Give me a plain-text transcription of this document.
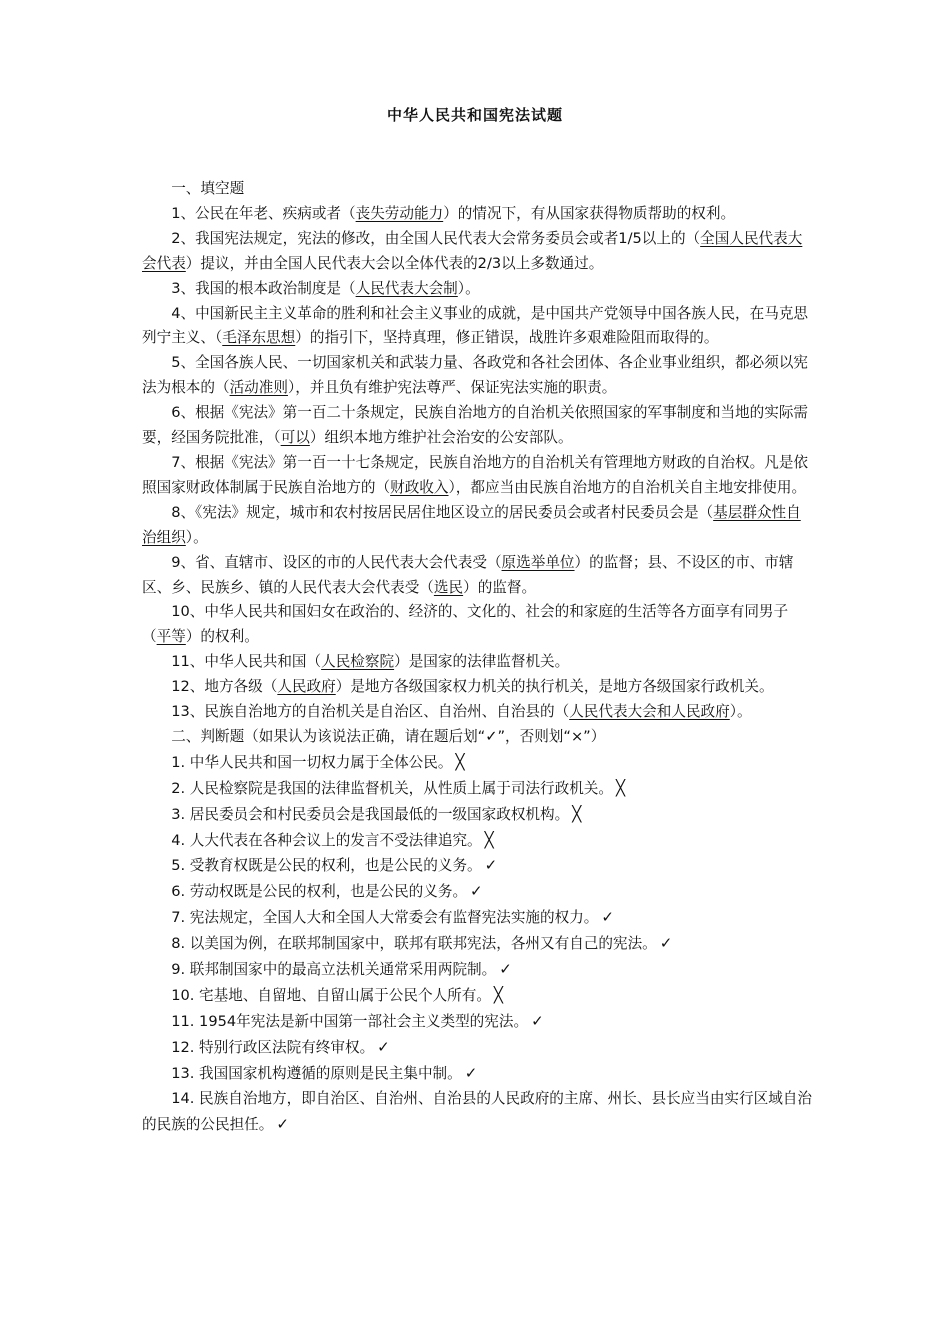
中华人民共和国宪法试题

一、填空题

1、公民在年老、疾病或者（丧失劳动能力）的情况下，有从国家获得物质帮助的权利。

2、我国宪法规定，宪法的修改，由全国人民代表大会常务委员会或者1/5以上的（全国人民代表大会代表）提议，并由全国人民代表大会以全体代表的2/3以上多数通过。

3、我国的根本政治制度是（人民代表大会制）。

4、中国新民主主义革命的胜利和社会主义事业的成就，是中国共产党领导中国各族人民，在马克思列宁主义、（毛泽东思想）的指引下，坚持真理，修正错误，战胜许多艰难险阻而取得的。

5、全国各族人民、一切国家机关和武装力量、各政党和各社会团体、各企业事业组织，都必须以宪法为根本的（活动准则），并且负有维护宪法尊严、保证宪法实施的职责。

6、根据《宪法》第一百二十条规定，民族自治地方的自治机关依照国家的军事制度和当地的实际需要，经国务院批准，（可以）组织本地方维护社会治安的公安部队。

7、根据《宪法》第一百一十七条规定，民族自治地方的自治机关有管理地方财政的自治权。凡是依照国家财政体制属于民族自治地方的（财政收入），都应当由民族自治地方的自治机关自主地安排使用。

8、《宪法》规定，城市和农村按居民居住地区设立的居民委员会或者村民委员会是（基层群众性自治组织）。

9、省、直辖市、设区的市的人民代表大会代表受（原选举单位）的监督；县、不设区的市、市辖区、乡、民族乡、镇的人民代表大会代表受（选民）的监督。

10、中华人民共和国妇女在政治的、经济的、文化的、社会的和家庭的生活等各方面享有同男子（平等）的权利。

11、中华人民共和国（人民检察院）是国家的法律监督机关。

12、地方各级（人民政府）是地方各级国家权力机关的执行机关，是地方各级国家行政机关。

13、民族自治地方的自治机关是自治区、自治州、自治县的（人民代表大会和人民政府）。

二、判断题（如果认为该说法正确，请在题后划“✓”，否则划“×”）

1. 中华人民共和国一切权力属于全体公民。 ╳

2. 人民检察院是我国的法律监督机关，从性质上属于司法行政机关。 ╳

3. 居民委员会和村民委员会是我国最低的一级国家政权机构。 ╳

4. 人大代表在各种会议上的发言不受法律追究。 ╳

5. 受教育权既是公民的权利，也是公民的义务。 ✓

6. 劳动权既是公民的权利，也是公民的义务。 ✓

7. 宪法规定，全国人大和全国人大常委会有监督宪法实施的权力。 ✓

8. 以美国为例，在联邦制国家中，联邦有联邦宪法，各州又有自己的宪法。 ✓

9. 联邦制国家中的最高立法机关通常采用两院制。 ✓

10. 宅基地、自留地、自留山属于公民个人所有。 ╳

11. 1954年宪法是新中国第一部社会主义类型的宪法。 ✓

12. 特别行政区法院有终审权。 ✓

13. 我国国家机构遵循的原则是民主集中制。 ✓

14. 民族自治地方，即自治区、自治州、自治县的人民政府的主席、州长、县长应当由实行区域自治的民族的公民担任。 ✓
